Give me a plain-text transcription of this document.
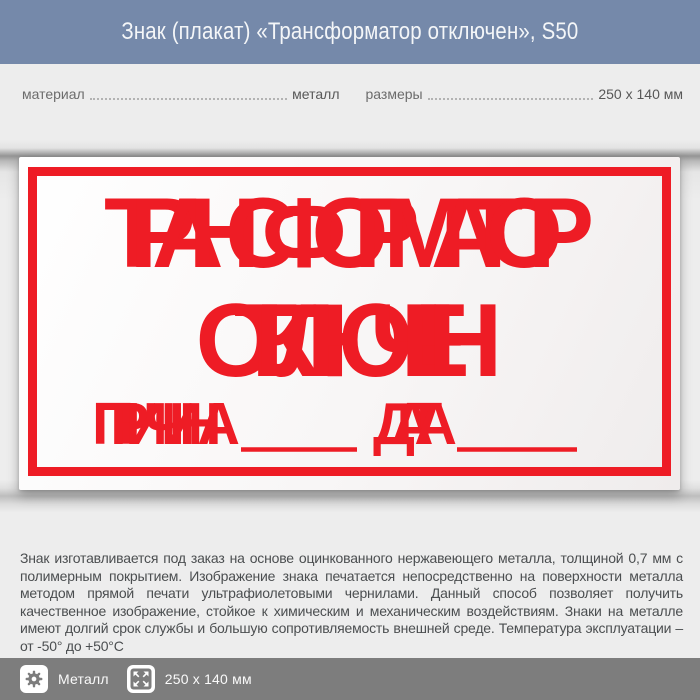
Знак (плакат) «Трансформатор отключен», S50
материал	металл размеры	250 х 140 мм
ТРАНСФОРМАТОР
ОТКЛЮЧЕН
ПРИЧИНА ДАТА

Знак изготавливается под заказ на основе оцинкованного нержавеющего металла, толщиной 0,7 мм с полимерным покрытием. Изображение знака печатается непосредственно на поверхности металла методом прямой печати ультрафиолетовыми чернилами. Данный способ позволяет получить качественное изображение, стойкое к химическим и механическим воздействиям. Знаки на металле имеют долгий срок службы и большую сопротивляемость внешней среде. Температура эксплуатации – от -50° до +50°С

Металл	250 х 140 мм
